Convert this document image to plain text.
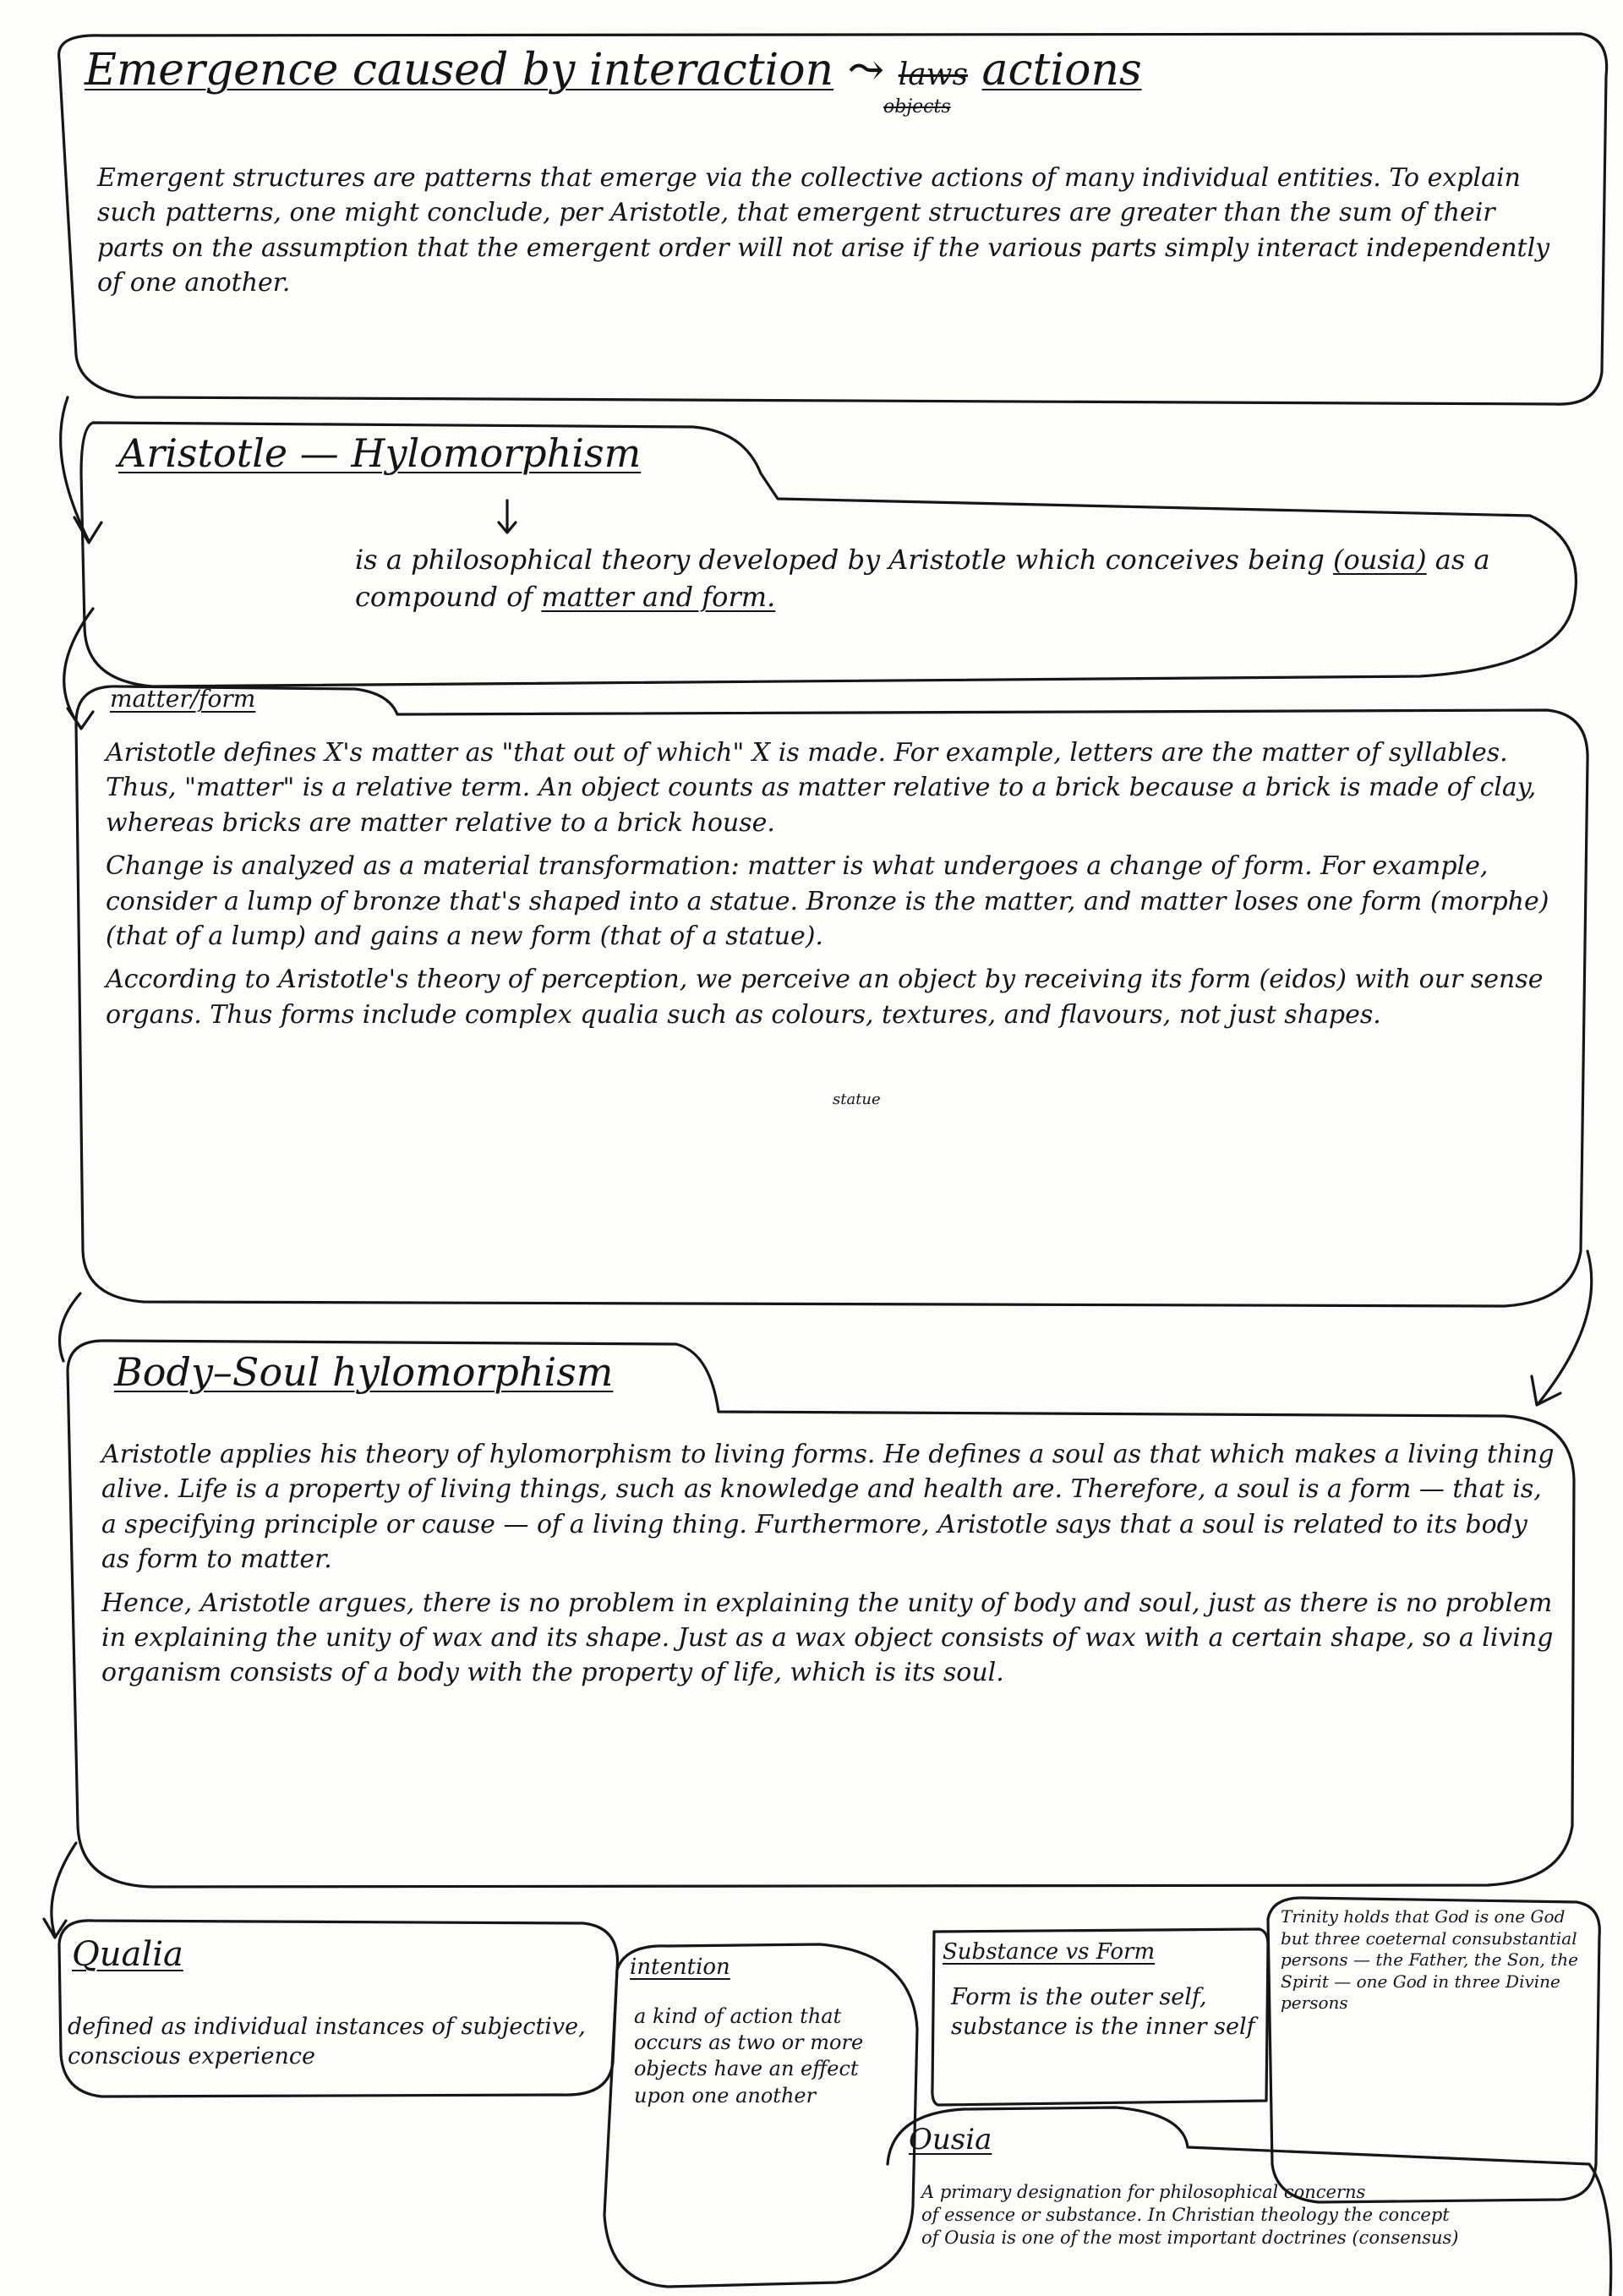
Emergence caused by interaction ⤳ laws actions
objects
Emergent structures are patterns that emerge via the collective actions of many individual entities. To explain such patterns, one might conclude, per Aristotle, that emergent structures are greater than the sum of their parts on the assumption that the emergent order will not arise if the various parts simply interact independently of one another.
Aristotle — Hylomorphism
is a philosophical theory developed by Aristotle which conceives being (ousia) as a compound of matter and form.
matter/form

Aristotle defines X's matter as "that out of which" X is made. For example, letters are the matter of syllables. Thus, "matter" is a relative term. An object counts as matter relative to a brick because a brick is made of clay, whereas bricks are matter relative to a brick house.

Change is analyzed as a material transformation: matter is what undergoes a change of form. For example, consider a lump of bronze that's shaped into a statue. Bronze is the matter, and matter loses one form (morphe) (that of a lump) and gains a new form (that of a statue).

According to Aristotle's theory of perception, we perceive an object by receiving its form (eidos) with our sense organs. Thus forms include complex qualia such as colours, textures, and flavours, not just shapes.

statue
Body–Soul hylomorphism

Aristotle applies his theory of hylomorphism to living forms. He defines a soul as that which makes a living thing alive. Life is a property of living things, such as knowledge and health are. Therefore, a soul is a form — that is, a specifying principle or cause — of a living thing. Furthermore, Aristotle says that a soul is related to its body as form to matter.

Hence, Aristotle argues, there is no problem in explaining the unity of body and soul, just as there is no problem in explaining the unity of wax and its shape. Just as a wax object consists of wax with a certain shape, so a living organism consists of a body with the property of life, which is its soul.

Qualia
defined as individual instances of subjective, conscious experience
intention
a kind of action that occurs as two or more objects have an effect upon one another
Substance vs Form
Form is the outer self, substance is the inner self
Trinity holds that God is one God but three coeternal consubstantial persons — the Father, the Son, the Spirit — one God in three Divine persons
Ousia
A primary designation for philosophical concerns
of essence or substance. In Christian theology the concept
of Ousia is one of the most important doctrines (consensus)
